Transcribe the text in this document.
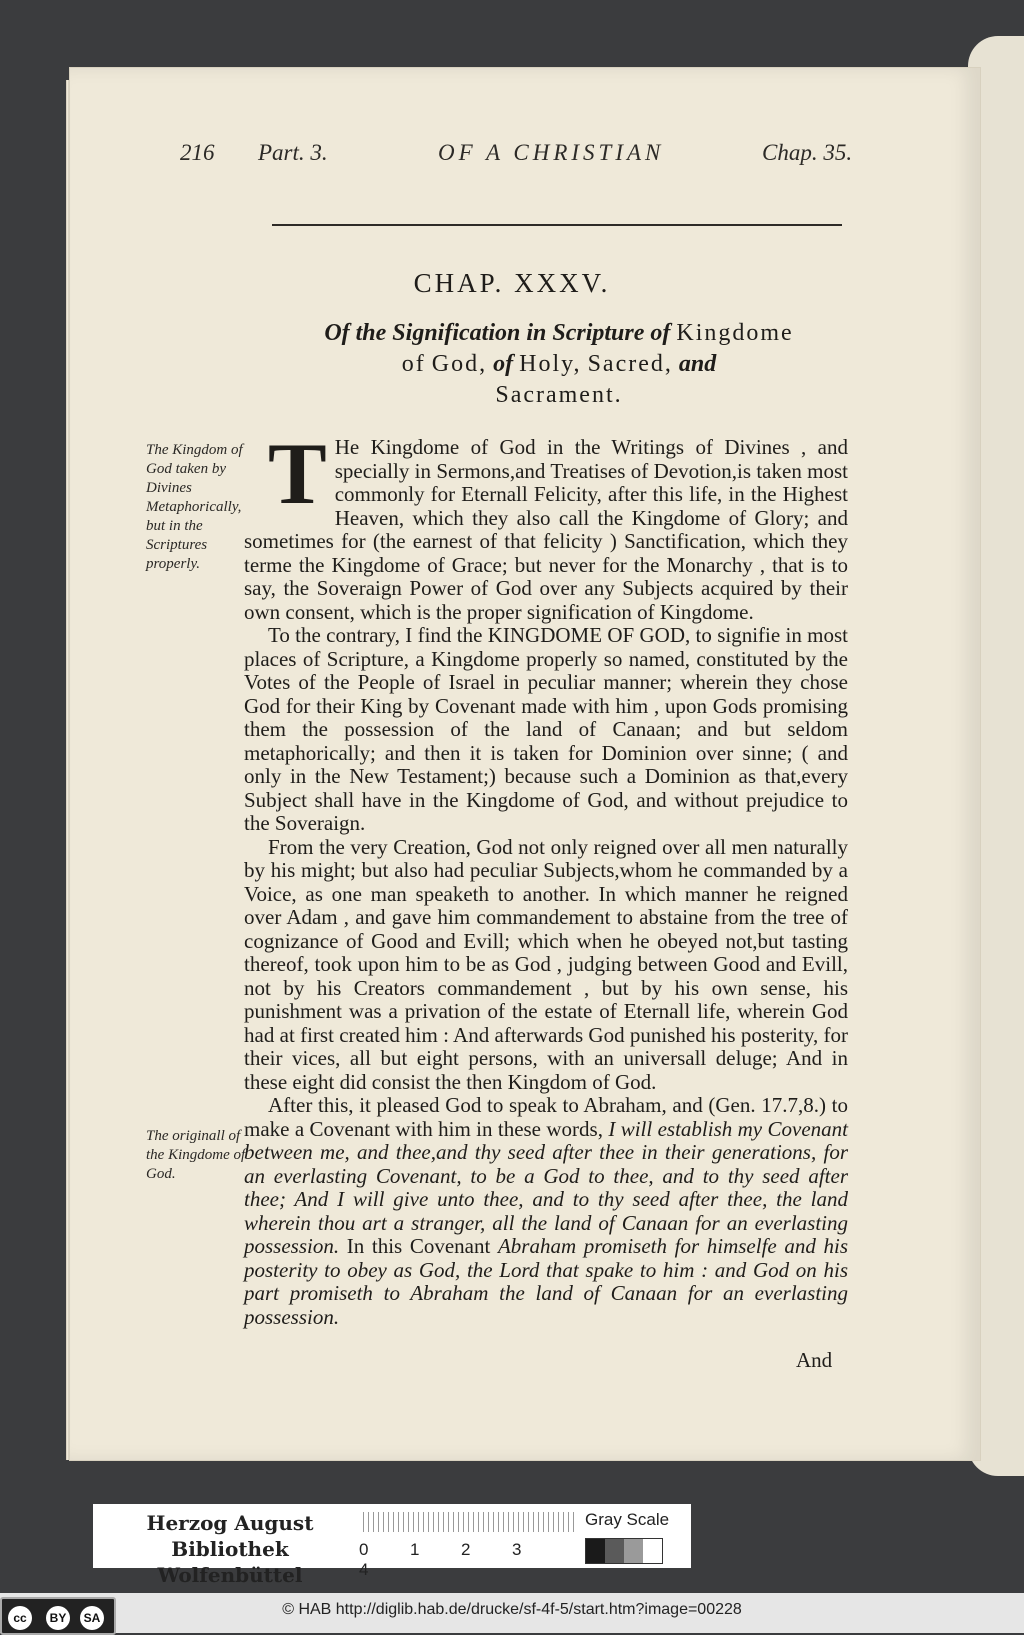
216 Part. 3.	OF A CHRISTIAN	Chap. 35.
CHAP. XXXV.
Of the Signification in Scripture of Kingdome
of God, of Holy, Sacred, and
Sacrament.
The Kingdom of God taken by Divines Metaphorically, but in the Scriptures properly.
The originall of the Kingdome of God.

T He Kingdome of God in the Writings of Divines , and specially in Sermons,and Treatises of Devotion,is taken most commonly for Eternall Felicity, after this life, in the Highest Heaven, which they also call the Kingdome of Glory; and sometimes for (the earnest of that felicity ) Sanctification, which they terme the Kingdome of Grace; but never for the Monarchy , that is to say, the Soveraign Power of God over any Subjects acquired by their own consent, which is the proper signification of Kingdome.

To the contrary, I find the KINGDOME OF GOD, to signifie in most places of Scripture, a Kingdome properly so named, constituted by the Votes of the People of Israel in peculiar manner; wherein they chose God for their King by Covenant made with him , upon Gods promising them the possession of the land of Canaan; and but seldom metaphorically; and then it is taken for Dominion over sinne; ( and only in the New Testament;) because such a Dominion as that,every Subject shall have in the Kingdome of God, and without prejudice to the Soveraign.

From the very Creation, God not only reigned over all men naturally by his might; but also had peculiar Subjects,whom he commanded by a Voice, as one man speaketh to another. In which manner he reigned over Adam , and gave him commandement to abstaine from the tree of cognizance of Good and Evill; which when he obeyed not,but tasting thereof, took upon him to be as God , judging between Good and Evill, not by his Creators commandement , but by his own sense, his punishment was a privation of the estate of Eternall life, wherein God had at first created him : And afterwards God punished his posterity, for their vices, all but eight persons, with an universall deluge; And in these eight did consist the then Kingdom of God.

After this, it pleased God to speak to Abraham, and (Gen. 17.7,8.) to make a Covenant with him in these words, I will establish my Covenant between me, and thee,and thy seed after thee in their generations, for an everlasting Covenant, to be a God to thee, and to thy seed after thee; And I will give unto thee, and to thy seed after thee, the land wherein thou art a stranger, all the land of Canaan for an everlasting possession. In this Covenant Abraham promiseth for himselfe and his posterity to obey as God, the Lord that spake to him : and God on his part promiseth to Abraham the land of Canaan for an everlasting possession.

And
Herzog August Bibliothek
Wolfenbüttel
0 1 2 34
Gray Scale
cc	BY	SA	© HAB http://diglib.hab.de/drucke/sf-4f-5/start.htm?image=00228
